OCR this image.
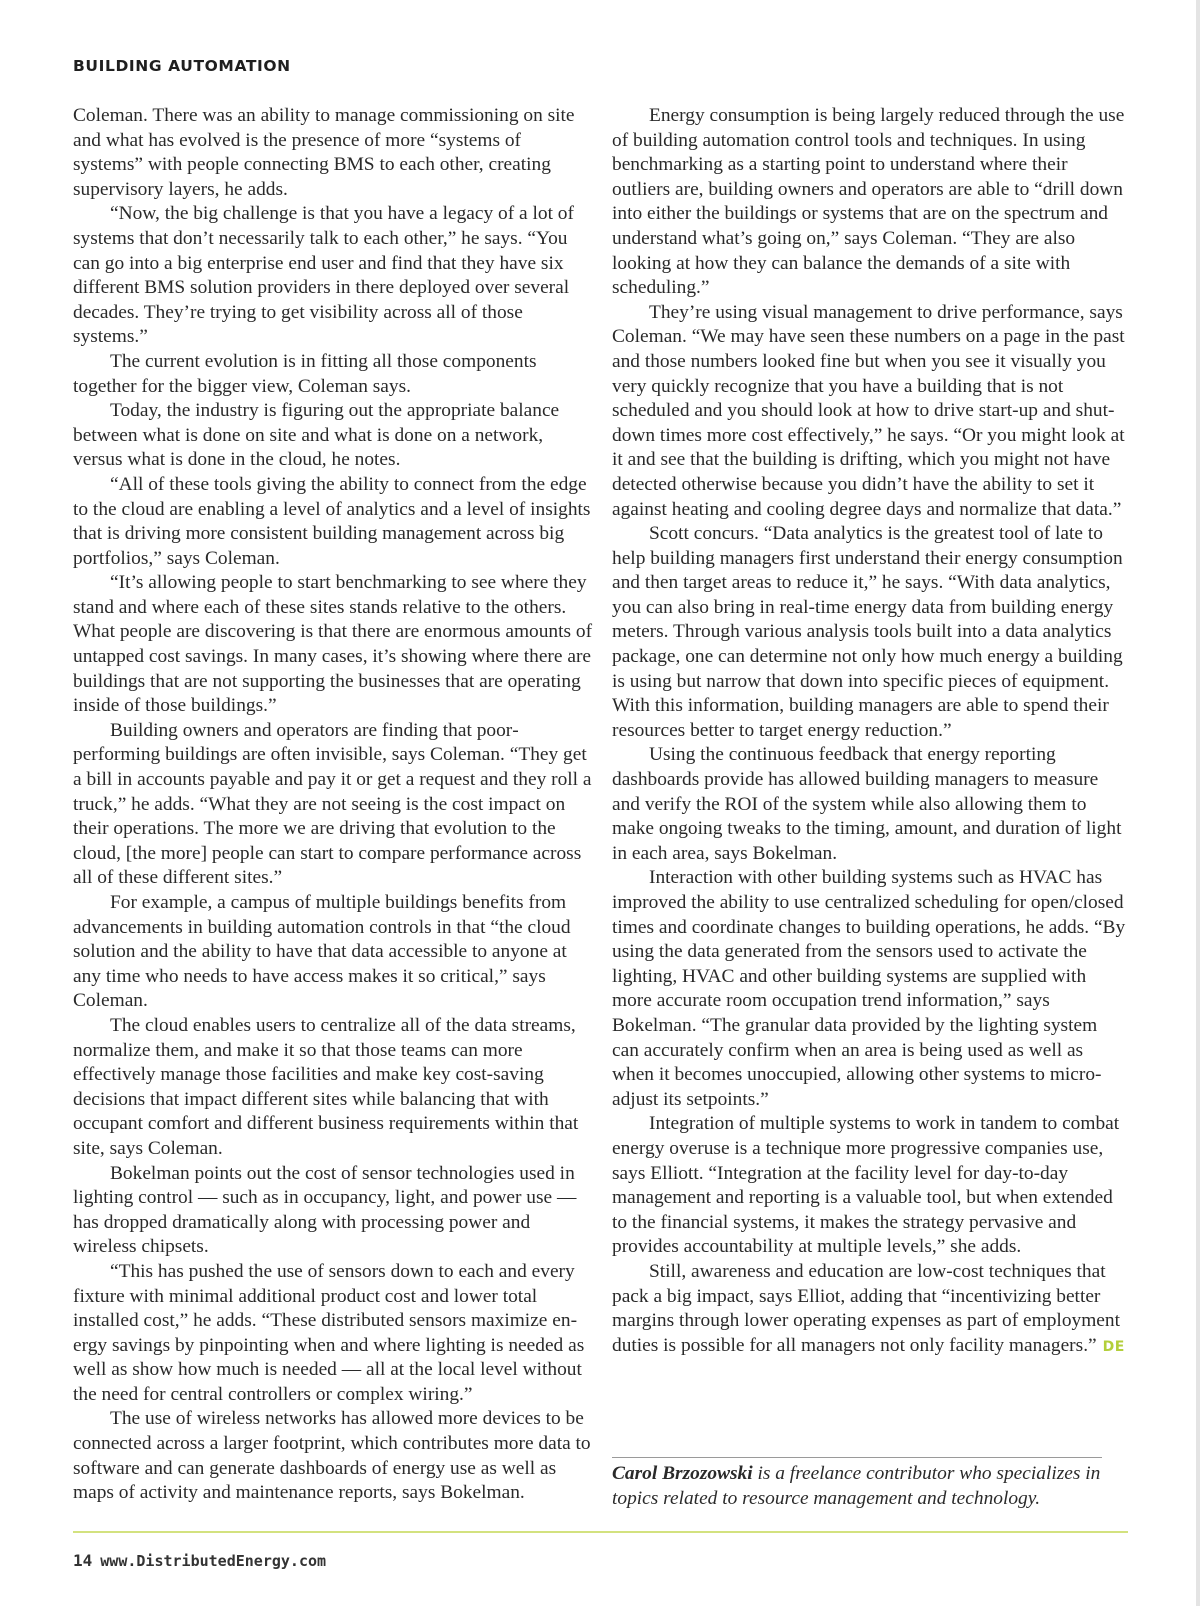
BUILDING AUTOMATION

Coleman. There was an ability to manage commissioning on site and what has evolved is the presence of more “systems of systems” with people connecting BMS to each other, creating supervisory layers, he adds.

“Now, the big challenge is that you have a legacy of a lot of systems that don’t necessarily talk to each other,” he says. “You can go into a big enterprise end user and find that they have six different BMS solution providers in there deployed over several decades. They’re trying to get visibility across all of those systems.”

The current evolution is in fitting all those components together for the bigger view, Coleman says.

Today, the industry is figuring out the appropriate balance between what is done on site and what is done on a network, versus what is done in the cloud, he notes.

“All of these tools giving the ability to connect from the edge to the cloud are enabling a level of analytics and a level of insights that is driving more consistent building management across big portfolios,” says Coleman.

“It’s allowing people to start benchmarking to see where they stand and where each of these sites stands relative to the others. What people are discovering is that there are enormous amounts of untapped cost savings. In many cases, it’s showing where there are buildings that are not supporting the businesses that are operating inside of those buildings.”

Building owners and operators are finding that poorperforming buildings are often invisible, says Coleman. “They get a bill in accounts payable and pay it or get a request and they roll a truck,” he adds. “What they are not seeing is the cost impact on their operations. The more we are driving that evolution to the cloud, [the more] people can start to compare performance across all of these different sites.”

For example, a campus of multiple buildings benefits from advancements in building automation controls in that “the cloud solution and the ability to have that data accessible to anyone at any time who needs to have access makes it so critical,” says Coleman.

The cloud enables users to centralize all of the data streams, normalize them, and make it so that those teams can more effectively manage those facilities and make key cost-saving decisions that impact different sites while balancing that with occupant comfort and different business requirements within that site, says Coleman.

Bokelman points out the cost of sensor technologies used in lighting control — such as in occupancy, light, and power use — has dropped dramatically along with processing power and wireless chipsets.

“This has pushed the use of sensors down to each and every fixture with minimal additional product cost and lower total installed cost,” he adds. “These distributed sensors maximize energy savings by pinpointing when and where lighting is needed as well as show how much is needed — all at the local level without the need for central controllers or complex wiring.”

The use of wireless networks has allowed more devices to be connected across a larger footprint, which contributes more data to software and can generate dashboards of energy use as well as maps of activity and maintenance reports, says Bokelman.

Energy consumption is being largely reduced through the use of building automation control tools and techniques. In using benchmarking as a starting point to understand where their outliers are, building owners and operators are able to “drill down into either the buildings or systems that are on the spectrum and understand what’s going on,” says Coleman. “They are also looking at how they can balance the demands of a site with scheduling.”

They’re using visual management to drive performance, says Coleman. “We may have seen these numbers on a page in the past and those numbers looked fine but when you see it visually you very quickly recognize that you have a building that is not scheduled and you should look at how to drive start-up and shut-down times more cost effectively,” he says. “Or you might look at it and see that the building is drifting, which you might not have detected otherwise because you didn’t have the ability to set it against heating and cooling degree days and normalize that data.”

Scott concurs. “Data analytics is the greatest tool of late to help building managers first understand their energy consumption and then target areas to reduce it,” he says. “With data analytics, you can also bring in real-time energy data from building energy meters. Through various analysis tools built into a data analytics package, one can determine not only how much energy a building is using but narrow that down into specific pieces of equipment. With this information, building managers are able to spend their resources better to target energy reduction.”

Using the continuous feedback that energy reporting dashboards provide has allowed building managers to measure and verify the ROI of the system while also allowing them to make ongoing tweaks to the timing, amount, and duration of light in each area, says Bokelman.

Interaction with other building systems such as HVAC has improved the ability to use centralized scheduling for open/closed times and coordinate changes to building operations, he adds. “By using the data generated from the sensors used to activate the lighting, HVAC and other building systems are supplied with more accurate room occupation trend information,” says Bokelman. “The granular data provided by the lighting system can accurately confirm when an area is being used as well as when it becomes unoccupied, allowing other systems to micro-adjust its setpoints.”

Integration of multiple systems to work in tandem to combat energy overuse is a technique more progressive companies use, says Elliott. “Integration at the facility level for day-to-day management and reporting is a valuable tool, but when extended to the financial systems, it makes the strategy pervasive and provides accountability at multiple levels,” she adds.

Still, awareness and education are low-cost techniques that pack a big impact, says Elliot, adding that “incentivizing better margins through lower operating expenses as part of employment duties is possible for all managers not only facility managers.” DE

Carol Brzozowski is a freelance contributor who specializes in topics related to resource management and technology.
14 www.DistributedEnergy.com
